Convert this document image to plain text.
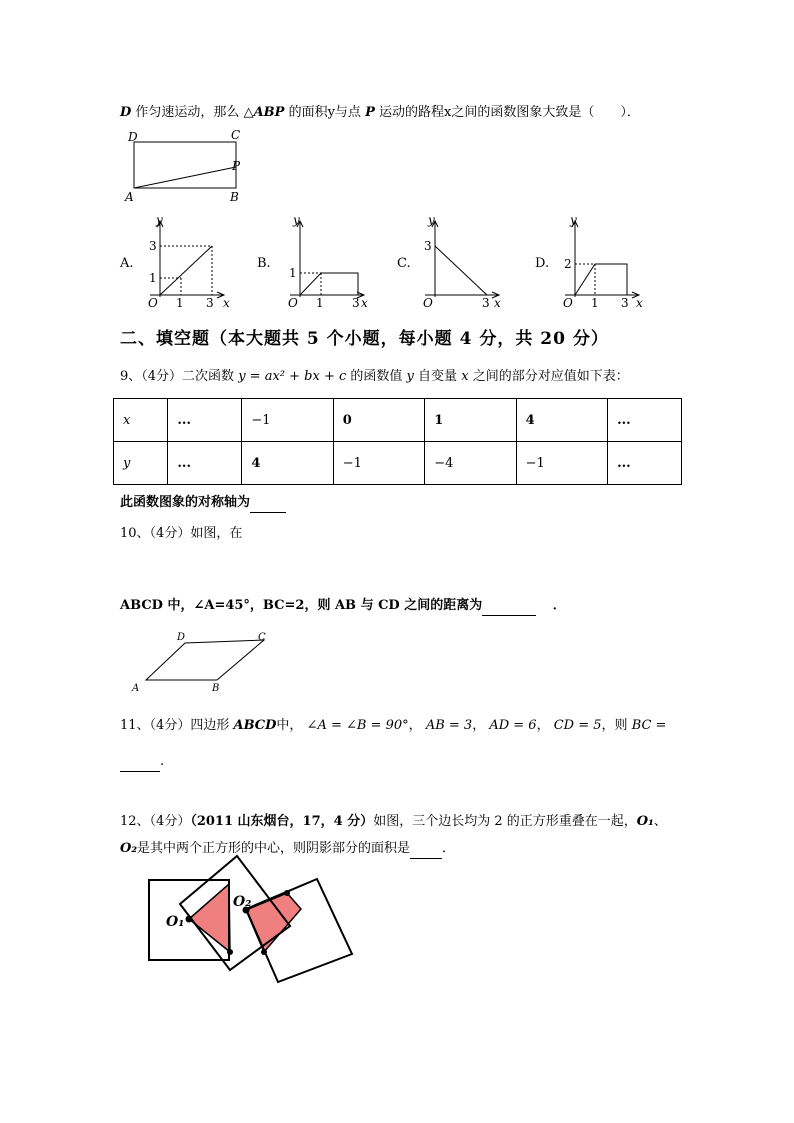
D 作匀速运动，那么 △ABP 的面积y与点 P 运动的路程x之间的函数图象大致是（　　）．
D	C
P
A	B
A.
y
3
1
O 1 3 x
B.
y
1
O 1 3 x
C.
y
3
O	3 x
D.
y
2
O 1 3 x
二、填空题（本大题共 5 个小题，每小题 4 分，共 20 分）
9、（4分）二次函数 y = ax² + bx + c 的函数值 y 自变量 x 之间的部分对应值如下表：
x	...	−1	0	1	4	...
y	...	4	−1	−4	−1	...
此函数图象的对称轴为
10、（4分）如图，在
ABCD 中，∠A=45°，BC=2，则 AB 与 CD 之间的距离为	．
D	C
A	B
11、（4分）四边形 ABCD中， ∠A = ∠B = 90°， AB = 3， AD = 6， CD = 5，则 BC =
.
12、（4分）（2011 山东烟台，17，4 分）如图，三个边长均为 2 的正方形重叠在一起，O₁、
O₂是其中两个正方形的中心，则阴影部分的面积是 ．
O₁
O₂
